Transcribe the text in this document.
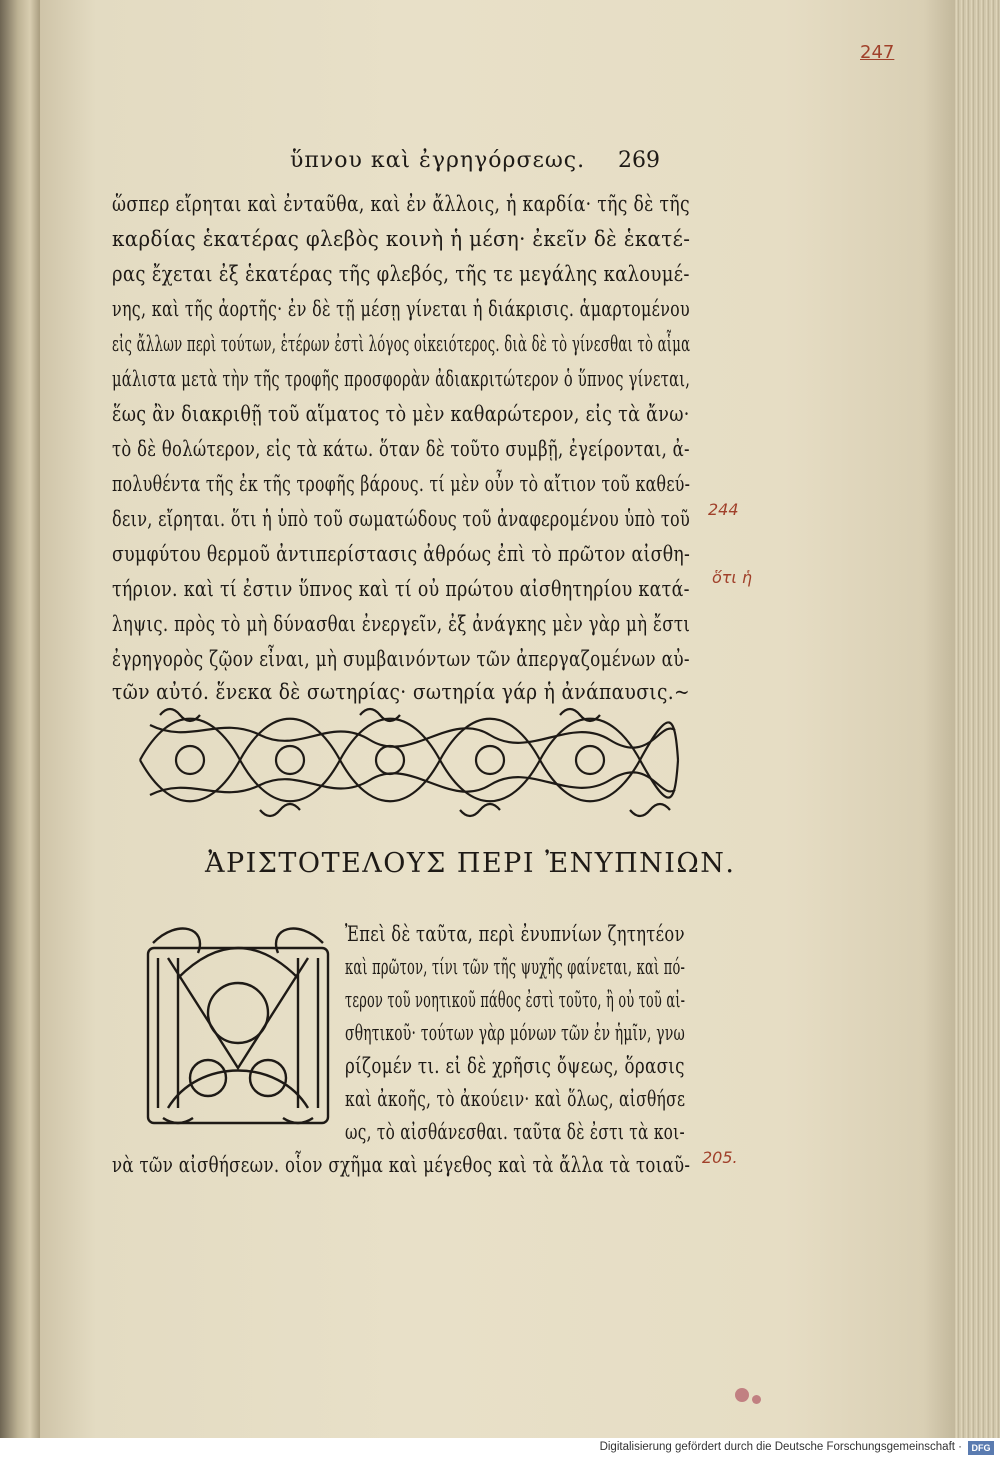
247
ὕπνου καὶ ἐγρηγόρσεως. 269
ὥσπερ εἴρηται καὶ ἐνταῦθα, καὶ ἐν ἄλλοις, ἡ καρδία· τῆς δὲ τῆς
καρδίας ἑκατέρας φλεβὸς κοινὴ ἡ μέση· ἐκεῖν δὲ ἑκατέ-
ρας ἔχεται ἐξ ἑκατέρας τῆς φλεβός, τῆς τε μεγάλης καλουμέ-
νης, καὶ τῆς ἀορτῆς· ἐν δὲ τῇ μέσῃ γίνεται ἡ διάκρισις. ἁμαρτομένου
εἰς ἄλλων περὶ τούτων, ἑτέρων ἐστὶ λόγος οἰκειότερος. διὰ δὲ τὸ γίνεσθαι τὸ αἷμα
μάλιστα μετὰ τὴν τῆς τροφῆς προσφορὰν ἀδιακριτώτερον ὁ ὕπνος γίνεται,
ἕως ἂν διακριθῇ τοῦ αἵματος τὸ μὲν καθαρώτερον, εἰς τὰ ἄνω·
τὸ δὲ θολώτερον, εἰς τὰ κάτω. ὅταν δὲ τοῦτο συμβῇ, ἐγείρονται, ἀ-
πολυθέντα τῆς ἐκ τῆς τροφῆς βάρους. τί μὲν οὖν τὸ αἴτιον τοῦ καθεύ-
δειν, εἴρηται. ὅτι ἡ ὑπὸ τοῦ σωματώδους τοῦ ἀναφερομένου ὑπὸ τοῦ
συμφύτου θερμοῦ ἀντιπερίστασις ἀθρόως ἐπὶ τὸ πρῶτον αἰσθη-
τήριον. καὶ τί ἐστιν ὕπνος καὶ τί οὐ πρώτου αἰσθητηρίου κατά-
ληψις. πρὸς τὸ μὴ δύνασθαι ἐνεργεῖν, ἐξ ἀνάγκης μὲν γὰρ μὴ ἔστι
ἐγρηγορὸς ζῷον εἶναι, μὴ συμβαινόντων τῶν ἀπεργαζομένων αὐ-
τῶν αὐτό. ἕνεκα δὲ σωτηρίας· σωτηρία γάρ ἡ ἀνάπαυσις.~
244
ὅτι ἡ
205.
ἈΡΙΣΤΟΤΕΛΟΥΣ ΠΕΡΙ ἘΝΥΠΝΙΩΝ.
Ἐπεὶ δὲ ταῦτα, περὶ ἐνυπνίων ζητητέον
καὶ πρῶτον, τίνι τῶν τῆς ψυχῆς φαίνεται, καὶ πό-
τερον τοῦ νοητικοῦ πάθος ἐστὶ τοῦτο, ἢ οὐ τοῦ αἰ-
σθητικοῦ· τούτων γὰρ μόνων τῶν ἐν ἡμῖν, γνω
ρίζομέν τι. εἰ δὲ χρῆσις ὄψεως, ὅρασις
καὶ ἀκοῆς, τὸ ἀκούειν· καὶ ὅλως, αἰσθήσε
ως, τὸ αἰσθάνεσθαι. ταῦτα δὲ ἐστι τὰ κοι-
νὰ τῶν αἰσθήσεων. οἷον σχῆμα καὶ μέγεθος καὶ τὰ ἄλλα τὰ τοιαῦ-
Digitalisierung gefördert durch die Deutsche Forschungsgemeinschaft ·	DFG
